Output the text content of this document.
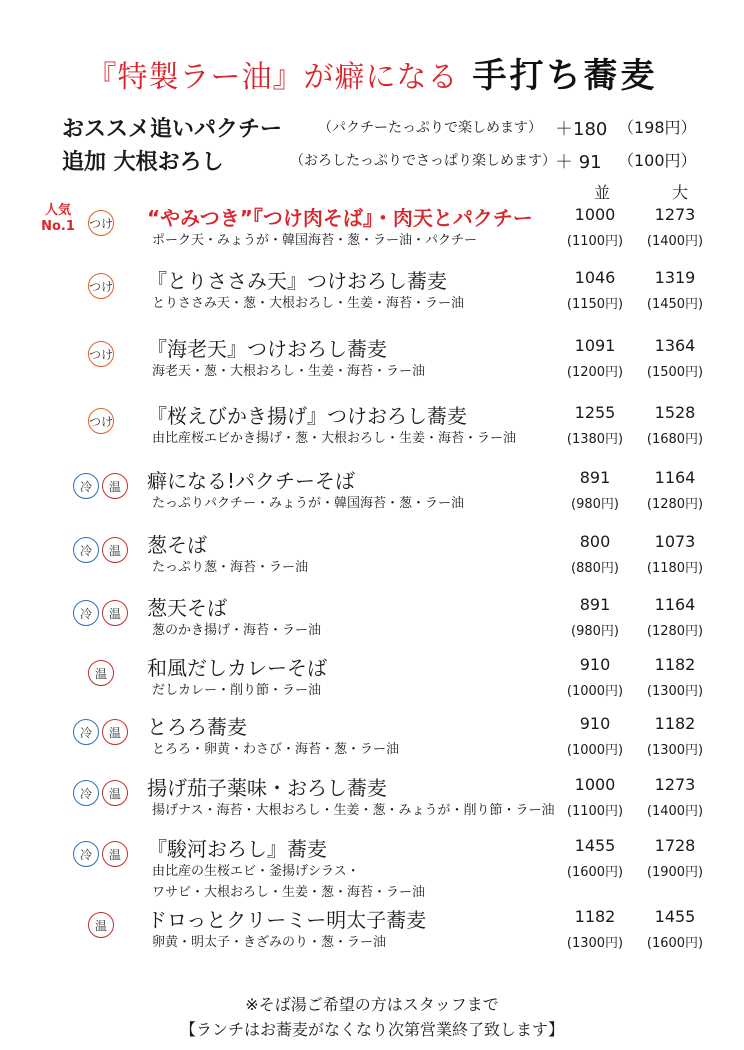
『特製ラー油』が癖になる 手打ち蕎麦
おススメ追いパクチー	（パクチーたっぷりで楽しめます） ＋180 （198円）
追加 大根おろし	（おろしたっぷりでさっぱり楽しめます） ＋ 91 （100円）
並	大
人気
No.1 つけ “やみつき”『つけ肉そば』・肉天とパクチー
ポーク天・みょうが・韓国海苔・葱・ラー油・パクチー
1000	1273
(1100円)	(1400円)
つけ 『とりささみ天』つけおろし蕎麦
とりささみ天・葱・大根おろし・生姜・海苔・ラー油
1046	1319
(1150円)	(1450円)
つけ 『海老天』つけおろし蕎麦
海老天・葱・大根おろし・生姜・海苔・ラー油
1091	1364
(1200円)	(1500円)
つけ 『桜えびかき揚げ』つけおろし蕎麦
由比産桜エビかき揚げ・葱・大根おろし・生姜・海苔・ラー油
1255	1528
(1380円)	(1680円)
冷	温	癖になる!パクチーそば
たっぷりパクチー・みょうが・韓国海苔・葱・ラー油
891	1164
(980円)	(1280円)
冷	温	葱そば
たっぷり葱・海苔・ラー油
800	1073
(880円)	(1180円)
冷	温	葱天そば
葱のかき揚げ・海苔・ラー油
891	1164
(980円)	(1280円)
温	和風だしカレーそば
だしカレー・削り節・ラー油
910	1182
(1000円)	(1300円)
冷	温	とろろ蕎麦
とろろ・卵黄・わさび・海苔・葱・ラー油
910	1182
(1000円)	(1300円)
冷	温	揚げ茄子薬味・おろし蕎麦
揚げナス・海苔・大根おろし・生姜・葱・みょうが・削り節・ラー油
1000	1273
(1100円)	(1400円)
冷	温	『駿河おろし』蕎麦
由比産の生桜エビ・釜揚げシラス・
ワサビ・大根おろし・生姜・葱・海苔・ラー油
1455	1728
(1600円)	(1900円)
温	ドロっとクリーミー明太子蕎麦
卵黄・明太子・きざみのり・葱・ラー油
1182	1455
(1300円)	(1600円)
※そば湯ご希望の方はスタッフまで
【ランチはお蕎麦がなくなり次第営業終了致します】
